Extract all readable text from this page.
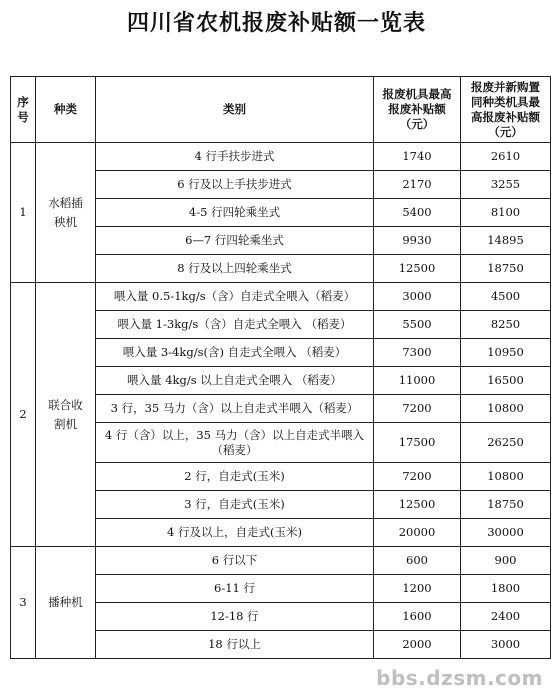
四川省农机报废补贴额一览表
序号	种类	类别	报废机具最高报废补贴额（元）	报废并新购置同种类机具最高报废补贴额（元）
1	水稻插秧机	4 行手扶步进式	1740	2610
		6 行及以上手扶步进式	2170	3255
		4-5 行四轮乘坐式	5400	8100
		6—7 行四轮乘坐式	9930	14895
		8 行及以上四轮乘坐式	12500	18750
2	联合收割机	喂入量 0.5-1kg/s（含）自走式全喂入（稻麦）	3000	4500
		喂入量 1-3kg/s（含）自走式全喂入 （稻麦）	5500	8250
		喂入量 3-4kg/s(含) 自走式全喂入 （稻麦）	7300	10950
		喂入量 4kg/s 以上自走式全喂入 （稻麦）	11000	16500
		3 行，35 马力（含）以上自走式半喂入（稻麦）	7200	10800
		4 行（含）以上，35 马力（含）以上自走式半喂入（稻麦）	17500	26250
		2 行，自走式(玉米)	7200	10800
		3 行，自走式(玉米)	12500	18750
		4 行及以上，自走式(玉米)	20000	30000
3	播种机	6 行以下	600	900
		6-11 行	1200	1800
		12-18 行	1600	2400
		18 行以上	2000	3000
bbs.dzsm.com
